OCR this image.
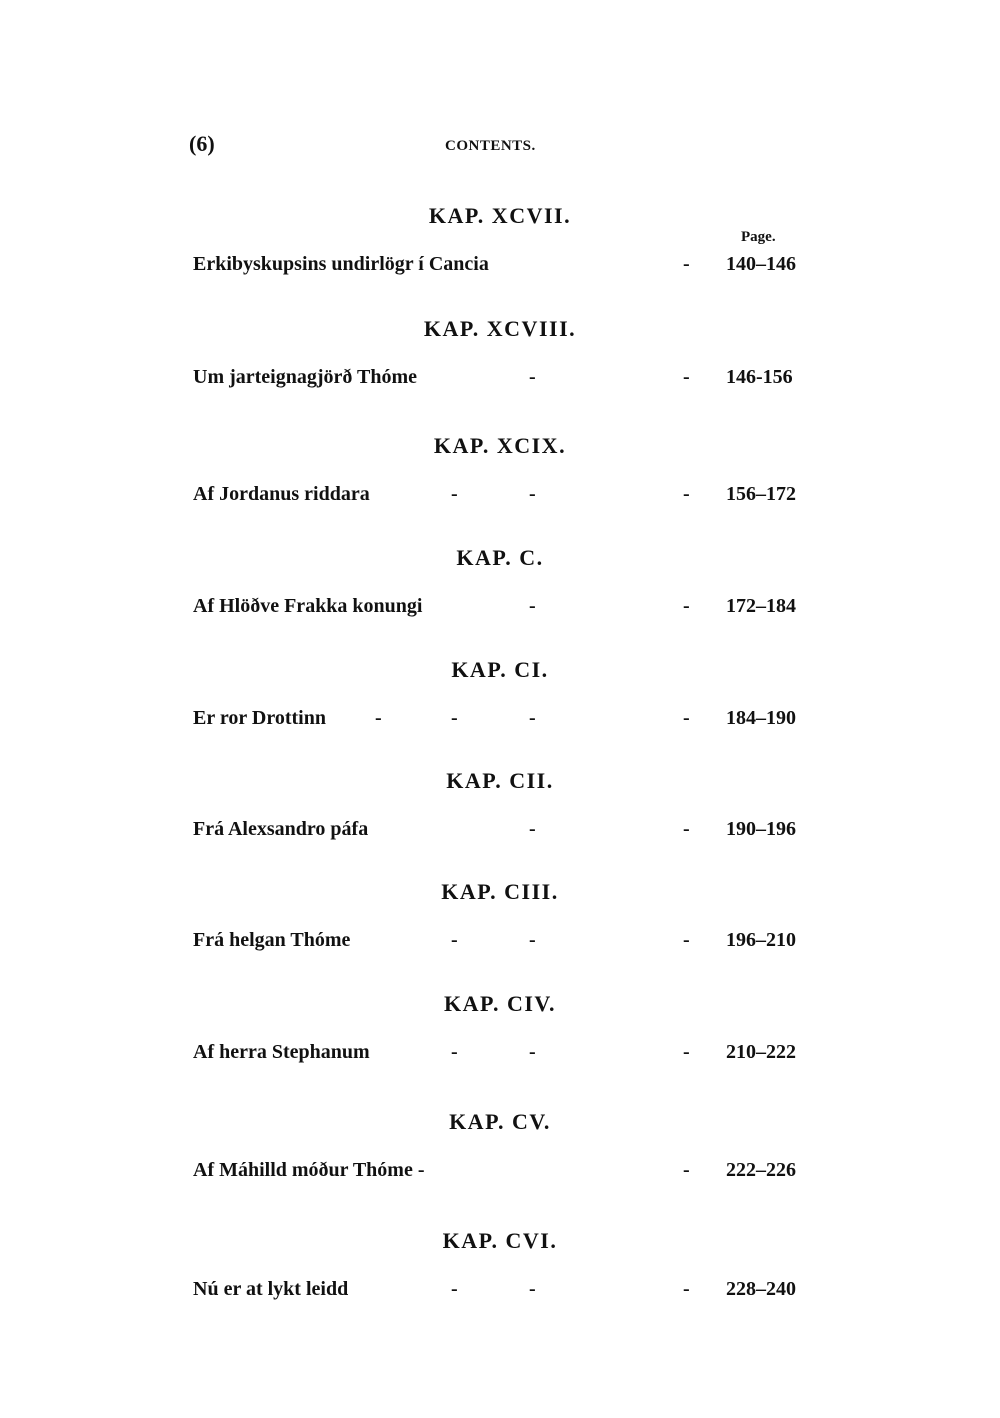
(6)	CONTENTS.
Page.
KAP. XCVII.
Erkibyskupsins undirlögr í Cancia	- 140–146
KAP. XCVIII.
Um jarteignagjörð Thóme	-	- 146-156
KAP. XCIX.
Af Jordanus riddara	-	-	- 156–172
KAP. C.
Af Hlöðve Frakka konungi	-	- 172–184
KAP. CI.
Er ror Drottinn -	-	-	- 184–190
KAP. CII.
Frá Alexsandro páfa	-	- 190–196
KAP. CIII.
Frá helgan Thóme	-	-	- 196–210
KAP. CIV.
Af herra Stephanum	-	-	- 210–222
KAP. CV.
Af Máhilld móður Thóme -	- 222–226
KAP. CVI.
Nú er at lykt leidd	-	-	- 228–240
